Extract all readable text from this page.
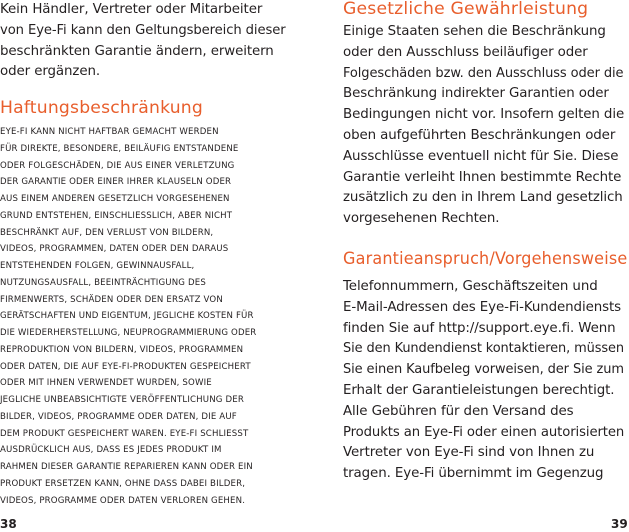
Kein Händler, Vertreter oder Mitarbeiter
von Eye-Fi kann den Geltungsbereich dieser
beschränkten Garantie ändern, erweitern
oder ergänzen.
Haftungsbeschränkung
EYE-FI KANN NICHT HAFTBAR GEMACHT WERDEN
FÜR DIREKTE, BESONDERE, BEILÄUFIG ENTSTANDENE
ODER FOLGESCHÄDEN, DIE AUS EINER VERLETZUNG
DER GARANTIE ODER EINER IHRER KLAUSELN ODER
AUS EINEM ANDEREN GESETZLICH VORGESEHENEN
GRUND ENTSTEHEN, EINSCHLIESSLICH, ABER NICHT
BESCHRÄNKT AUF, DEN VERLUST VON BILDERN,
VIDEOS, PROGRAMMEN, DATEN ODER DEN DARAUS
ENTSTEHENDEN FOLGEN, GEWINNAUSFALL,
NUTZUNGSAUSFALL, BEEINTRÄCHTIGUNG DES
FIRMENWERTS, SCHÄDEN ODER DEN ERSATZ VON
GERÄTSCHAFTEN UND EIGENTUM, JEGLICHE KOSTEN FÜR
DIE WIEDERHERSTELLUNG, NEUPROGRAMMIERUNG ODER
REPRODUKTION VON BILDERN, VIDEOS, PROGRAMMEN
ODER DATEN, DIE AUF EYE-FI-PRODUKTEN GESPEICHERT
ODER MIT IHNEN VERWENDET WURDEN, SOWIE
JEGLICHE UNBEABSICHTIGTE VERÖFFENTLICHUNG DER
BILDER, VIDEOS, PROGRAMME ODER DATEN, DIE AUF
DEM PRODUKT GESPEICHERT WAREN. EYE-FI SCHLIESST
AUSDRÜCKLICH AUS, DASS ES JEDES PRODUKT IM
RAHMEN DIESER GARANTIE REPARIEREN KANN ODER EIN
PRODUKT ERSETZEN KANN, OHNE DASS DABEI BILDER,
VIDEOS, PROGRAMME ODER DATEN VERLOREN GEHEN.
38
Gesetzliche Gewährleistung
Einige Staaten sehen die Beschränkung
oder den Ausschluss beiläufiger oder
Folgeschäden bzw. den Ausschluss oder die
Beschränkung indirekter Garantien oder
Bedingungen nicht vor. Insofern gelten die
oben aufgeführten Beschränkungen oder
Ausschlüsse eventuell nicht für Sie. Diese
Garantie verleiht Ihnen bestimmte Rechte
zusätzlich zu den in Ihrem Land gesetzlich
vorgesehenen Rechten.
Garantieanspruch/Vorgehensweise
Telefonnummern, Geschäftszeiten und
E-Mail-Adressen des Eye-Fi-Kundendiensts
finden Sie auf http://support.eye.fi. Wenn
Sie den Kundendienst kontaktieren, müssen
Sie einen Kaufbeleg vorweisen, der Sie zum
Erhalt der Garantieleistungen berechtigt.
Alle Gebühren für den Versand des
Produkts an Eye-Fi oder einen autorisierten
Vertreter von Eye-Fi sind von Ihnen zu
tragen. Eye-Fi übernimmt im Gegenzug
39
